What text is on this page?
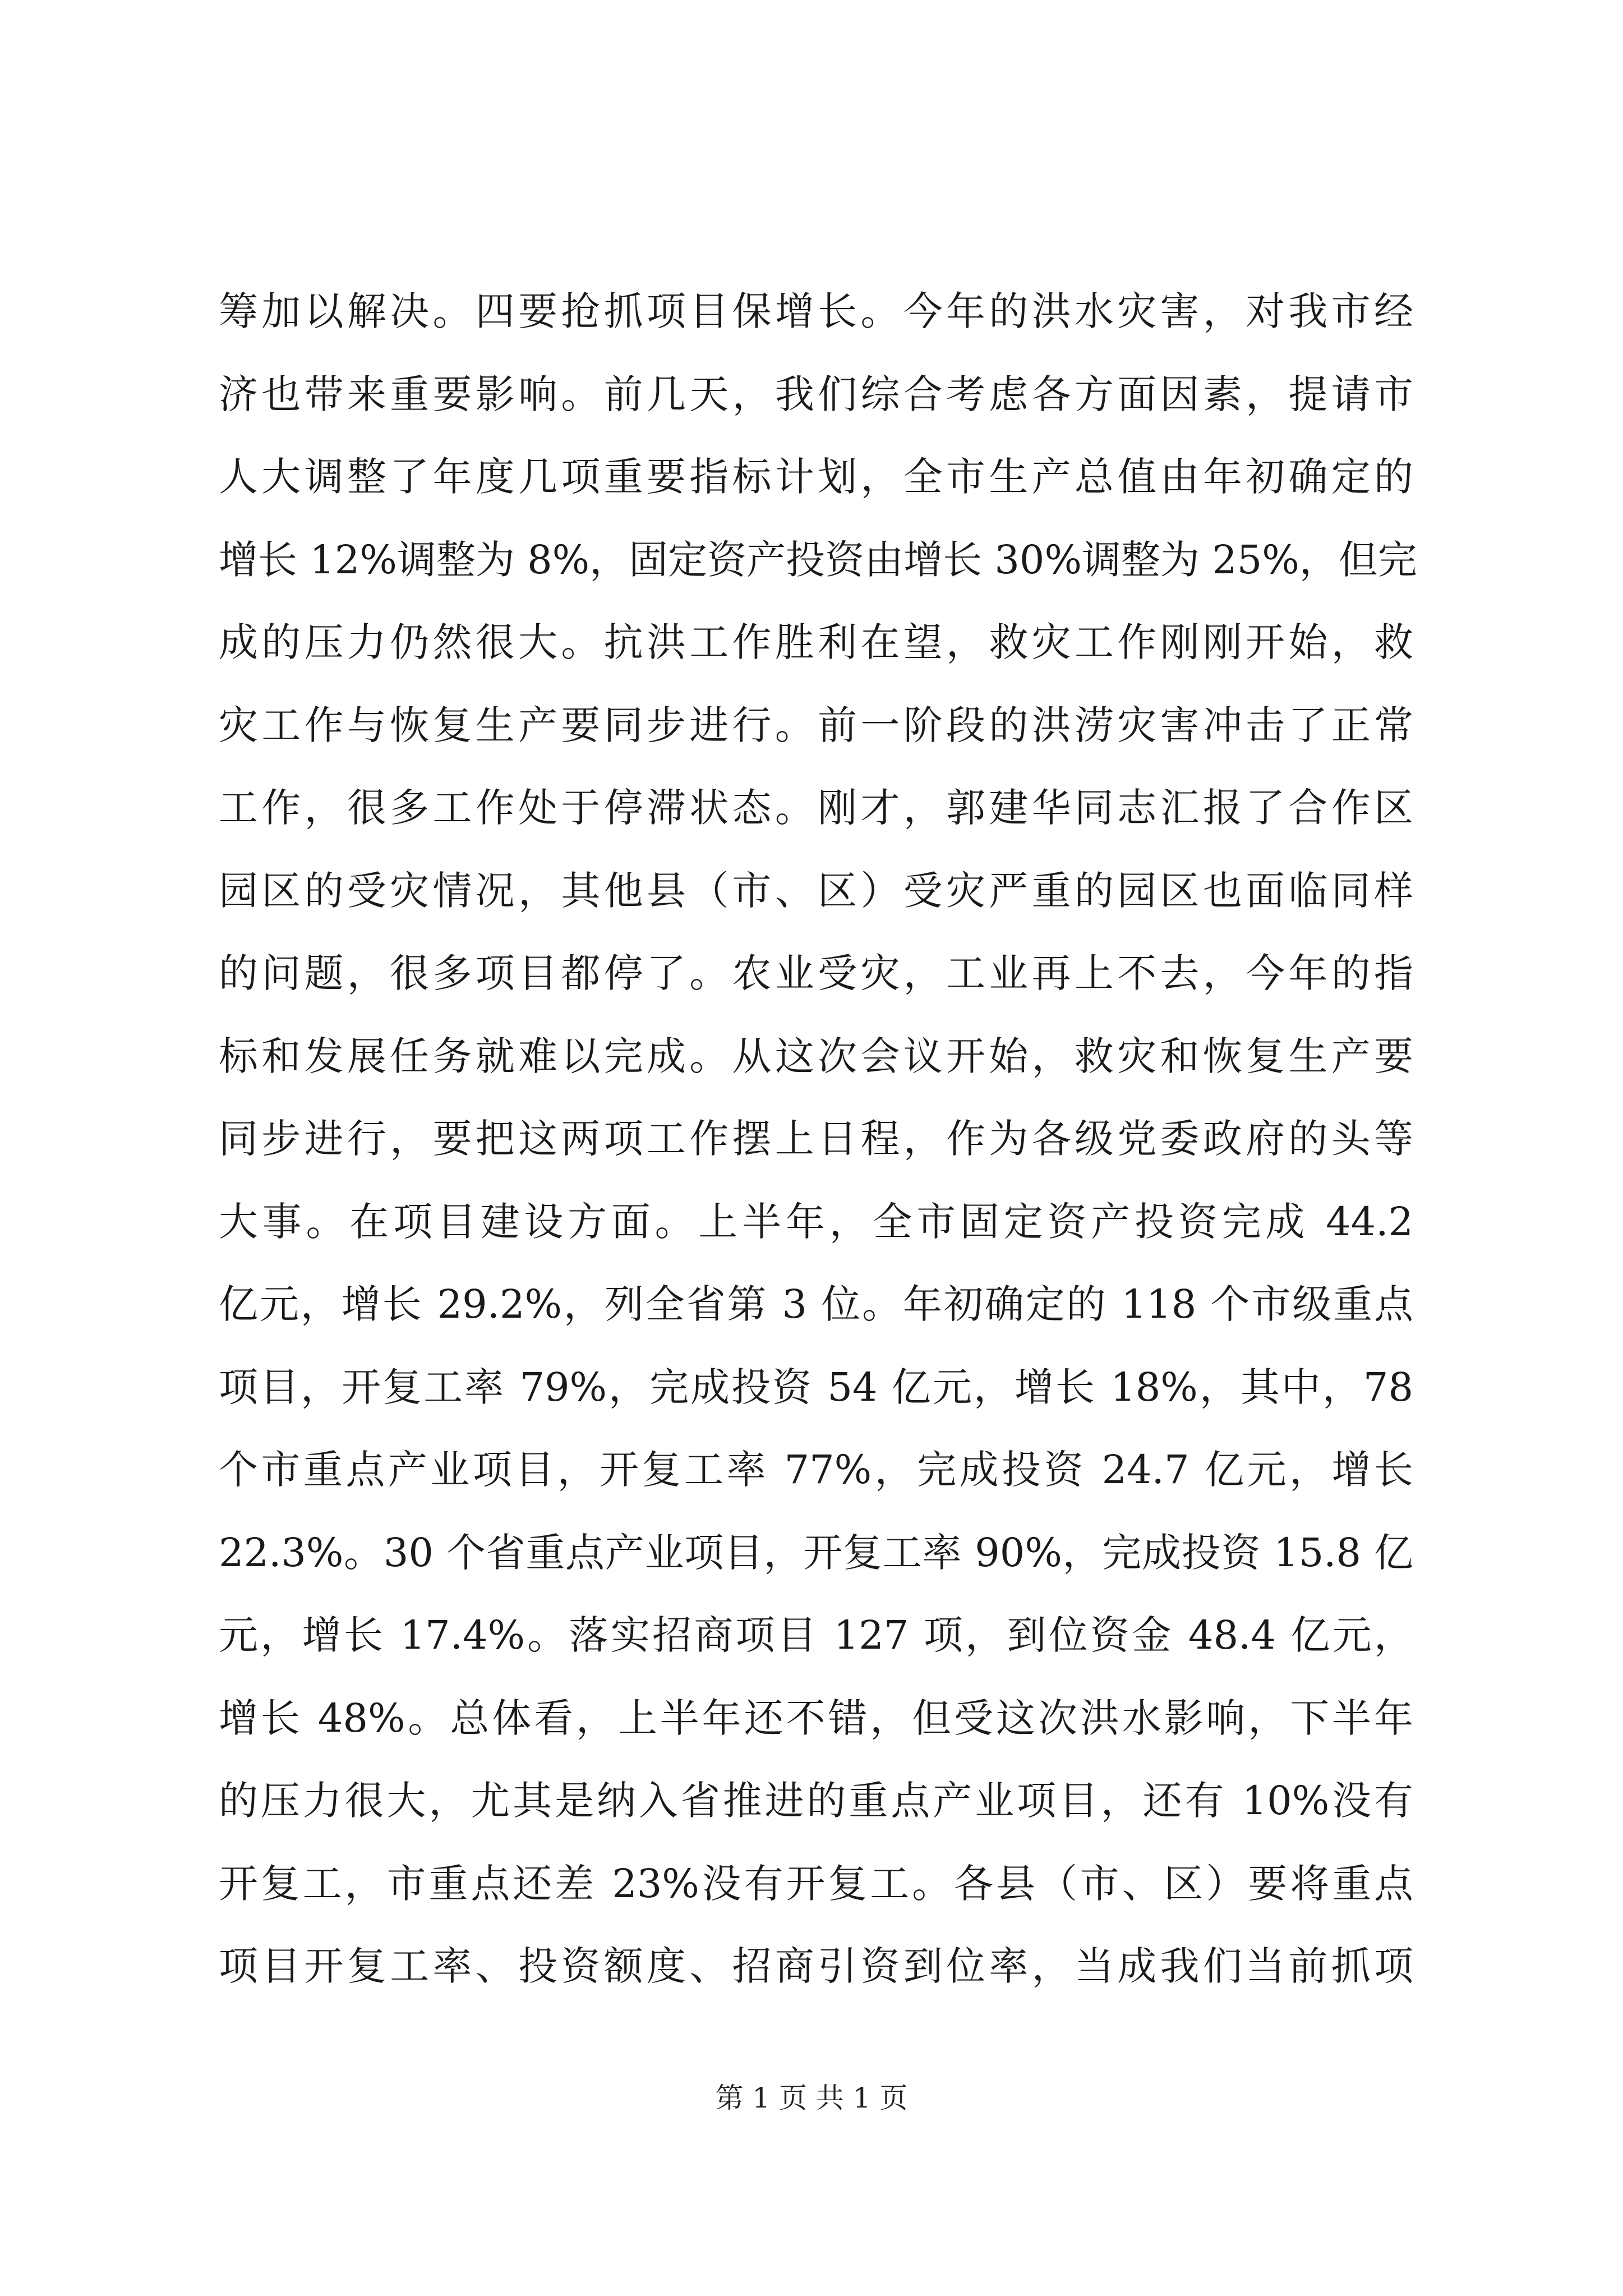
筹加以解决。四要抢抓项目保增长。今年的洪水灾害，对我市经
济也带来重要影响。前几天，我们综合考虑各方面因素，提请市
人大调整了年度几项重要指标计划，全市生产总值由年初确定的
增长 12%调整为 8%，固定资产投资由增长 30%调整为 25%，但完
成的压力仍然很大。抗洪工作胜利在望，救灾工作刚刚开始，救
灾工作与恢复生产要同步进行。前一阶段的洪涝灾害冲击了正常
工作，很多工作处于停滞状态。刚才，郭建华同志汇报了合作区
园区的受灾情况，其他县（市、区）受灾严重的园区也面临同样
的问题，很多项目都停了。农业受灾，工业再上不去，今年的指
标和发展任务就难以完成。从这次会议开始，救灾和恢复生产要
同步进行，要把这两项工作摆上日程，作为各级党委政府的头等
大事。在项目建设方面。上半年，全市固定资产投资完成 44.2
亿元，增长 29.2%，列全省第 3 位。年初确定的 118 个市级重点
项目，开复工率 79%，完成投资 54 亿元，增长 18%，其中，78
个市重点产业项目，开复工率 77%，完成投资 24.7 亿元，增长
22.3%。30 个省重点产业项目，开复工率 90%，完成投资 15.8 亿
元，增长 17.4%。落实招商项目 127 项，到位资金 48.4 亿元，
增长 48%。总体看，上半年还不错，但受这次洪水影响，下半年
的压力很大，尤其是纳入省推进的重点产业项目，还有 10%没有
开复工，市重点还差 23%没有开复工。各县（市、区）要将重点
项目开复工率、投资额度、招商引资到位率，当成我们当前抓项
第 1 页 共 1 页
